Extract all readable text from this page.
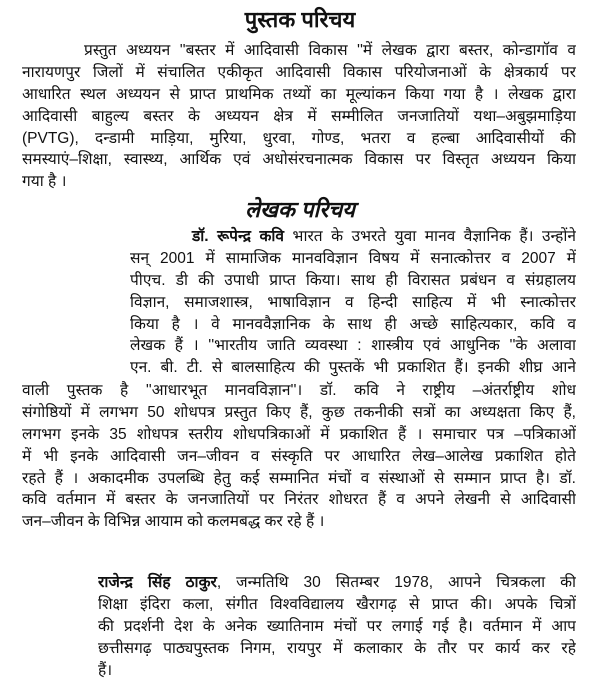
पुस्तक परिचय
प्रस्तुत अध्ययन ''बस्तर में आदिवासी विकास ''में लेखक द्वारा बस्तर, कोन्डागॉव व
नारायणपुर जिलों में संचालित एकीकृत आदिवासी विकास परियोजनाओं के क्षेत्रकार्य पर
आधारित स्थल अध्ययन से प्राप्त प्राथमिक तथ्यों का मूल्यांकन किया गया है । लेखक द्वारा
आदिवासी बाहुल्य बस्तर के अध्ययन क्षेत्र में सम्मीलित जनजातियों यथा–अबुझमाड़िया
(PVTG), दन्डामी माड़िया, मुरिया, धुरवा, गोण्ड, भतरा व हल्बा आदिवासीयों की
समस्याएं–शिक्षा, स्वास्थ्य, आर्थिक एवं अधोसंरचनात्मक विकास पर विस्तृत अध्ययन किया
गया है ।
लेखक परिचय
डॉ. रूपेन्द्र कवि भारत के उभरते युवा मानव वैज्ञानिक हैं। उन्होंने
सन् 2001 में सामाजिक मानवविज्ञान विषय में सनात्कोत्तर व 2007 में
पीएच. डी की उपाधी प्राप्त किया। साथ ही विरासत प्रबंधन व संग्रहालय
विज्ञान, समाजशास्त्र, भाषाविज्ञान व हिन्दी साहित्य में भी स्नात्कोत्तर
किया है । वे मानववैज्ञानिक के साथ ही अच्छे साहित्यकार, कवि व
लेखक हैं । ''भारतीय जाति व्यवस्था : शास्त्रीय एवं आधुनिक ''के अलावा
एन. बी. टी. से बालसाहित्य की पुस्तकें भी प्रकाशित हैं। इनकी शीघ्र आने
वाली पुस्तक है ''आधारभूत मानवविज्ञान''। डॉ. कवि ने राष्ट्रीय –अंतर्राष्ट्रीय शोध
संगोष्ठियों में लगभग 50 शोधपत्र प्रस्तुत किए हैं, कुछ तकनीकी सत्रों का अध्यक्षता किए हैं,
लगभग इनके 35 शोधपत्र स्तरीय शोधपत्रिकाओं में प्रकाशित हैं । समाचार पत्र –पत्रिकाओं
में भी इनके आदिवासी जन–जीवन व संस्कृति पर आधारित लेख–आलेख प्रकाशित होते
रहते हैं । अकादमीक उपलब्धि हेतु कई सम्मानित मंचों व संस्थाओं से सम्मान प्राप्त है। डॉ.
कवि वर्तमान में बस्तर के जनजातियों पर निरंतर शोधरत हैं व अपने लेखनी से आदिवासी
जन–जीवन के विभिन्न आयाम को कलमबद्ध कर रहे हैं ।
राजेन्द्र सिंह ठाकुर, जन्मतिथि 30 सितम्बर 1978, आपने चित्रकला की
शिक्षा इंदिरा कला, संगीत विश्वविद्यालय खैरागढ़ से प्राप्त की। अपके चित्रों
की प्रदर्शनी देश के अनेक ख्यातिनाम मंचों पर लगाई गई है। वर्तमान में आप
छत्तीसगढ़ पाठ्यपुस्तक निगम, रायपुर में कलाकार के तौर पर कार्य कर रहे
हैं।
